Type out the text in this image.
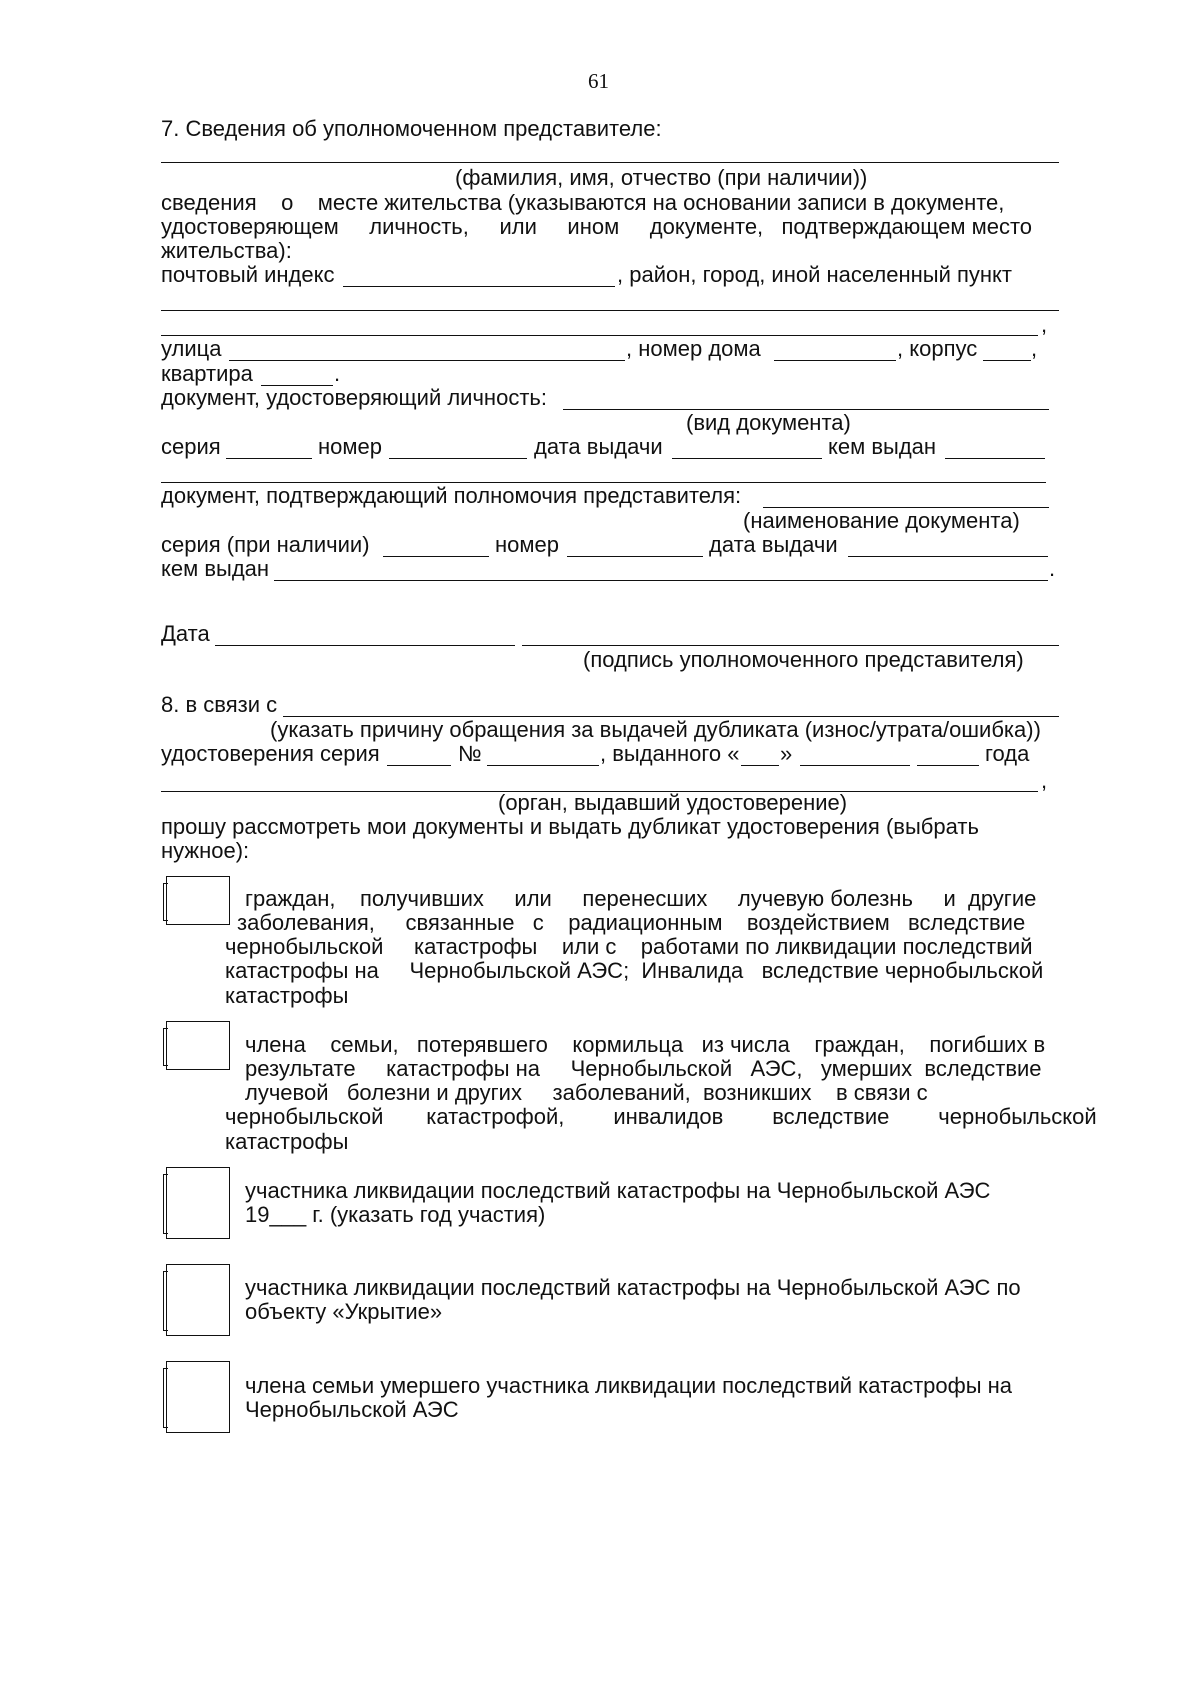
61
7. Сведения об уполномоченном представителе:
(фамилия, имя, отчество (при наличии))
сведения    о    месте жительства (указываются на основании записи в документе,
удостоверяющем     личность,     или     ином     документе,   подтверждающем место
жительства):
почтовый индекс	, район, город, иной населенный пункт
,
улица	, номер дома	, корпус ,
квартира	.
документ, удостоверяющий личность:
(вид документа)
серия	номер	дата выдачи	кем выдан
документ, подтверждающий полномочия представителя:
(наименование документа)
серия (при наличии)	номер	дата выдачи
кем выдан	.
Дата
(подпись уполномоченного представителя)
8. в связи с
(указать причину обращения за выдачей дубликата (износ/утрата/ошибка))
удостоверения серия	№	, выданного « »	года
,
(орган, выдавший удостоверение)
прошу рассмотреть мои документы и выдать дубликат удостоверения (выбрать
нужное):
граждан,    получивших     или     перенесших     лучевую болезнь     и  другие
заболевания,     связанные   с    радиационным    воздействием   вследствие
чернобыльской     катастрофы    или с    работами по ликвидации последствий
катастрофы на     Чернобыльской АЭС;  Инвалида   вследствие чернобыльской
катастрофы
члена    семьи,   потерявшего    кормильца   из числа    граждан,    погибших в
результате     катастрофы на     Чернобыльской   АЭС,   умерших  вследствие
лучевой   болезни и других     заболеваний,  возникших    в связи с
чернобыльской       катастрофой,        инвалидов        вследствие        чернобыльской
катастрофы
участника ликвидации последствий катастрофы на Чернобыльской АЭС
19___ г. (указать год участия)
участника ликвидации последствий катастрофы на Чернобыльской АЭС по
объекту «Укрытие»
члена семьи умершего участника ликвидации последствий катастрофы на
Чернобыльской АЭС
